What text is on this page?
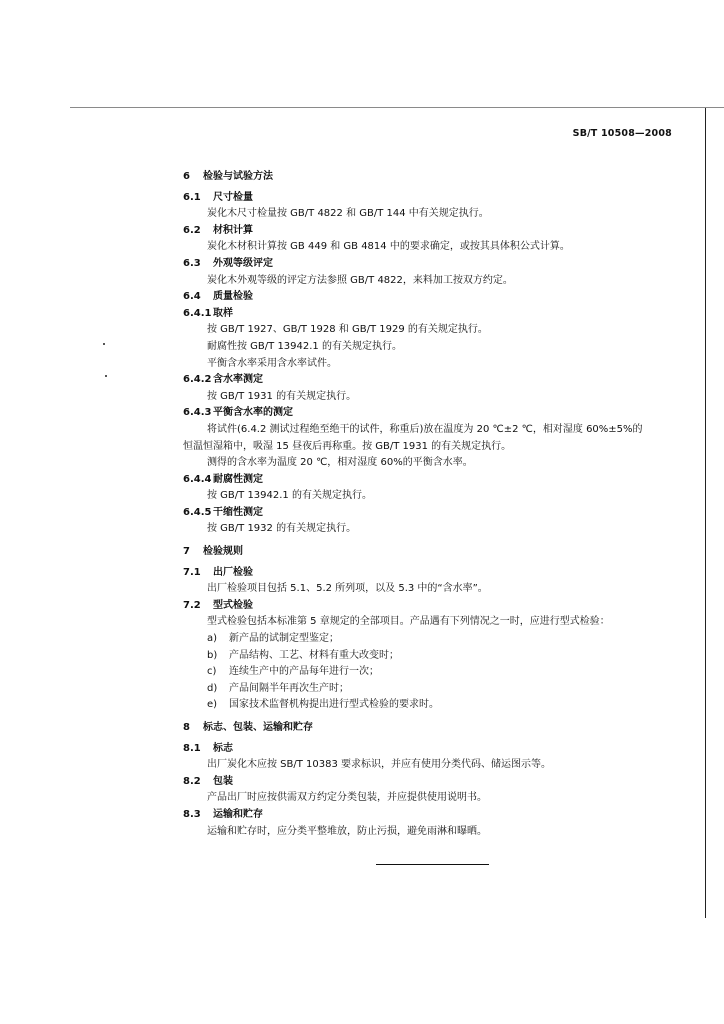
SB/T 10508—2008
6 检验与试验方法
6.1 尺寸检量
炭化木尺寸检量按 GB/T 4822 和 GB/T 144 中有关规定执行。
6.2 材积计算
炭化木材积计算按 GB 449 和 GB 4814 中的要求确定，或按其具体积公式计算。
6.3 外观等级评定
炭化木外观等级的评定方法参照 GB/T 4822，来料加工按双方约定。
6.4 质量检验
6.4.1 取样
按 GB/T 1927、GB/T 1928 和 GB/T 1929 的有关规定执行。
耐腐性按 GB/T 13942.1 的有关规定执行。
平衡含水率采用含水率试件。
6.4.2 含水率测定
按 GB/T 1931 的有关规定执行。
6.4.3 平衡含水率的测定
将试件(6.4.2 测试过程绝至绝干的试件，称重后)放在温度为 20 ℃±2 ℃，相对湿度 60%±5%的
恒温恒湿箱中，吸湿 15 昼夜后再称重。按 GB/T 1931 的有关规定执行。
测得的含水率为温度 20 ℃，相对湿度 60%的平衡含水率。
6.4.4 耐腐性测定
按 GB/T 13942.1 的有关规定执行。
6.4.5 干缩性测定
按 GB/T 1932 的有关规定执行。
7 检验规则
7.1 出厂检验
出厂检验项目包括 5.1、5.2 所列项，以及 5.3 中的“含水率”。
7.2 型式检验
型式检验包括本标准第 5 章规定的全部项目。产品遇有下列情况之一时，应进行型式检验：
a) 新产品的试制定型鉴定；
b) 产品结构、工艺、材料有重大改变时；
c) 连续生产中的产品每年进行一次；
d) 产品间隔半年再次生产时；
e) 国家技术监督机构提出进行型式检验的要求时。
8 标志、包装、运输和贮存
8.1 标志
出厂炭化木应按 SB/T 10383 要求标识，并应有使用分类代码、储运图示等。
8.2 包装
产品出厂时应按供需双方约定分类包装，并应提供使用说明书。
8.3 运输和贮存
运输和贮存时，应分类平整堆放，防止污损，避免雨淋和曝晒。
